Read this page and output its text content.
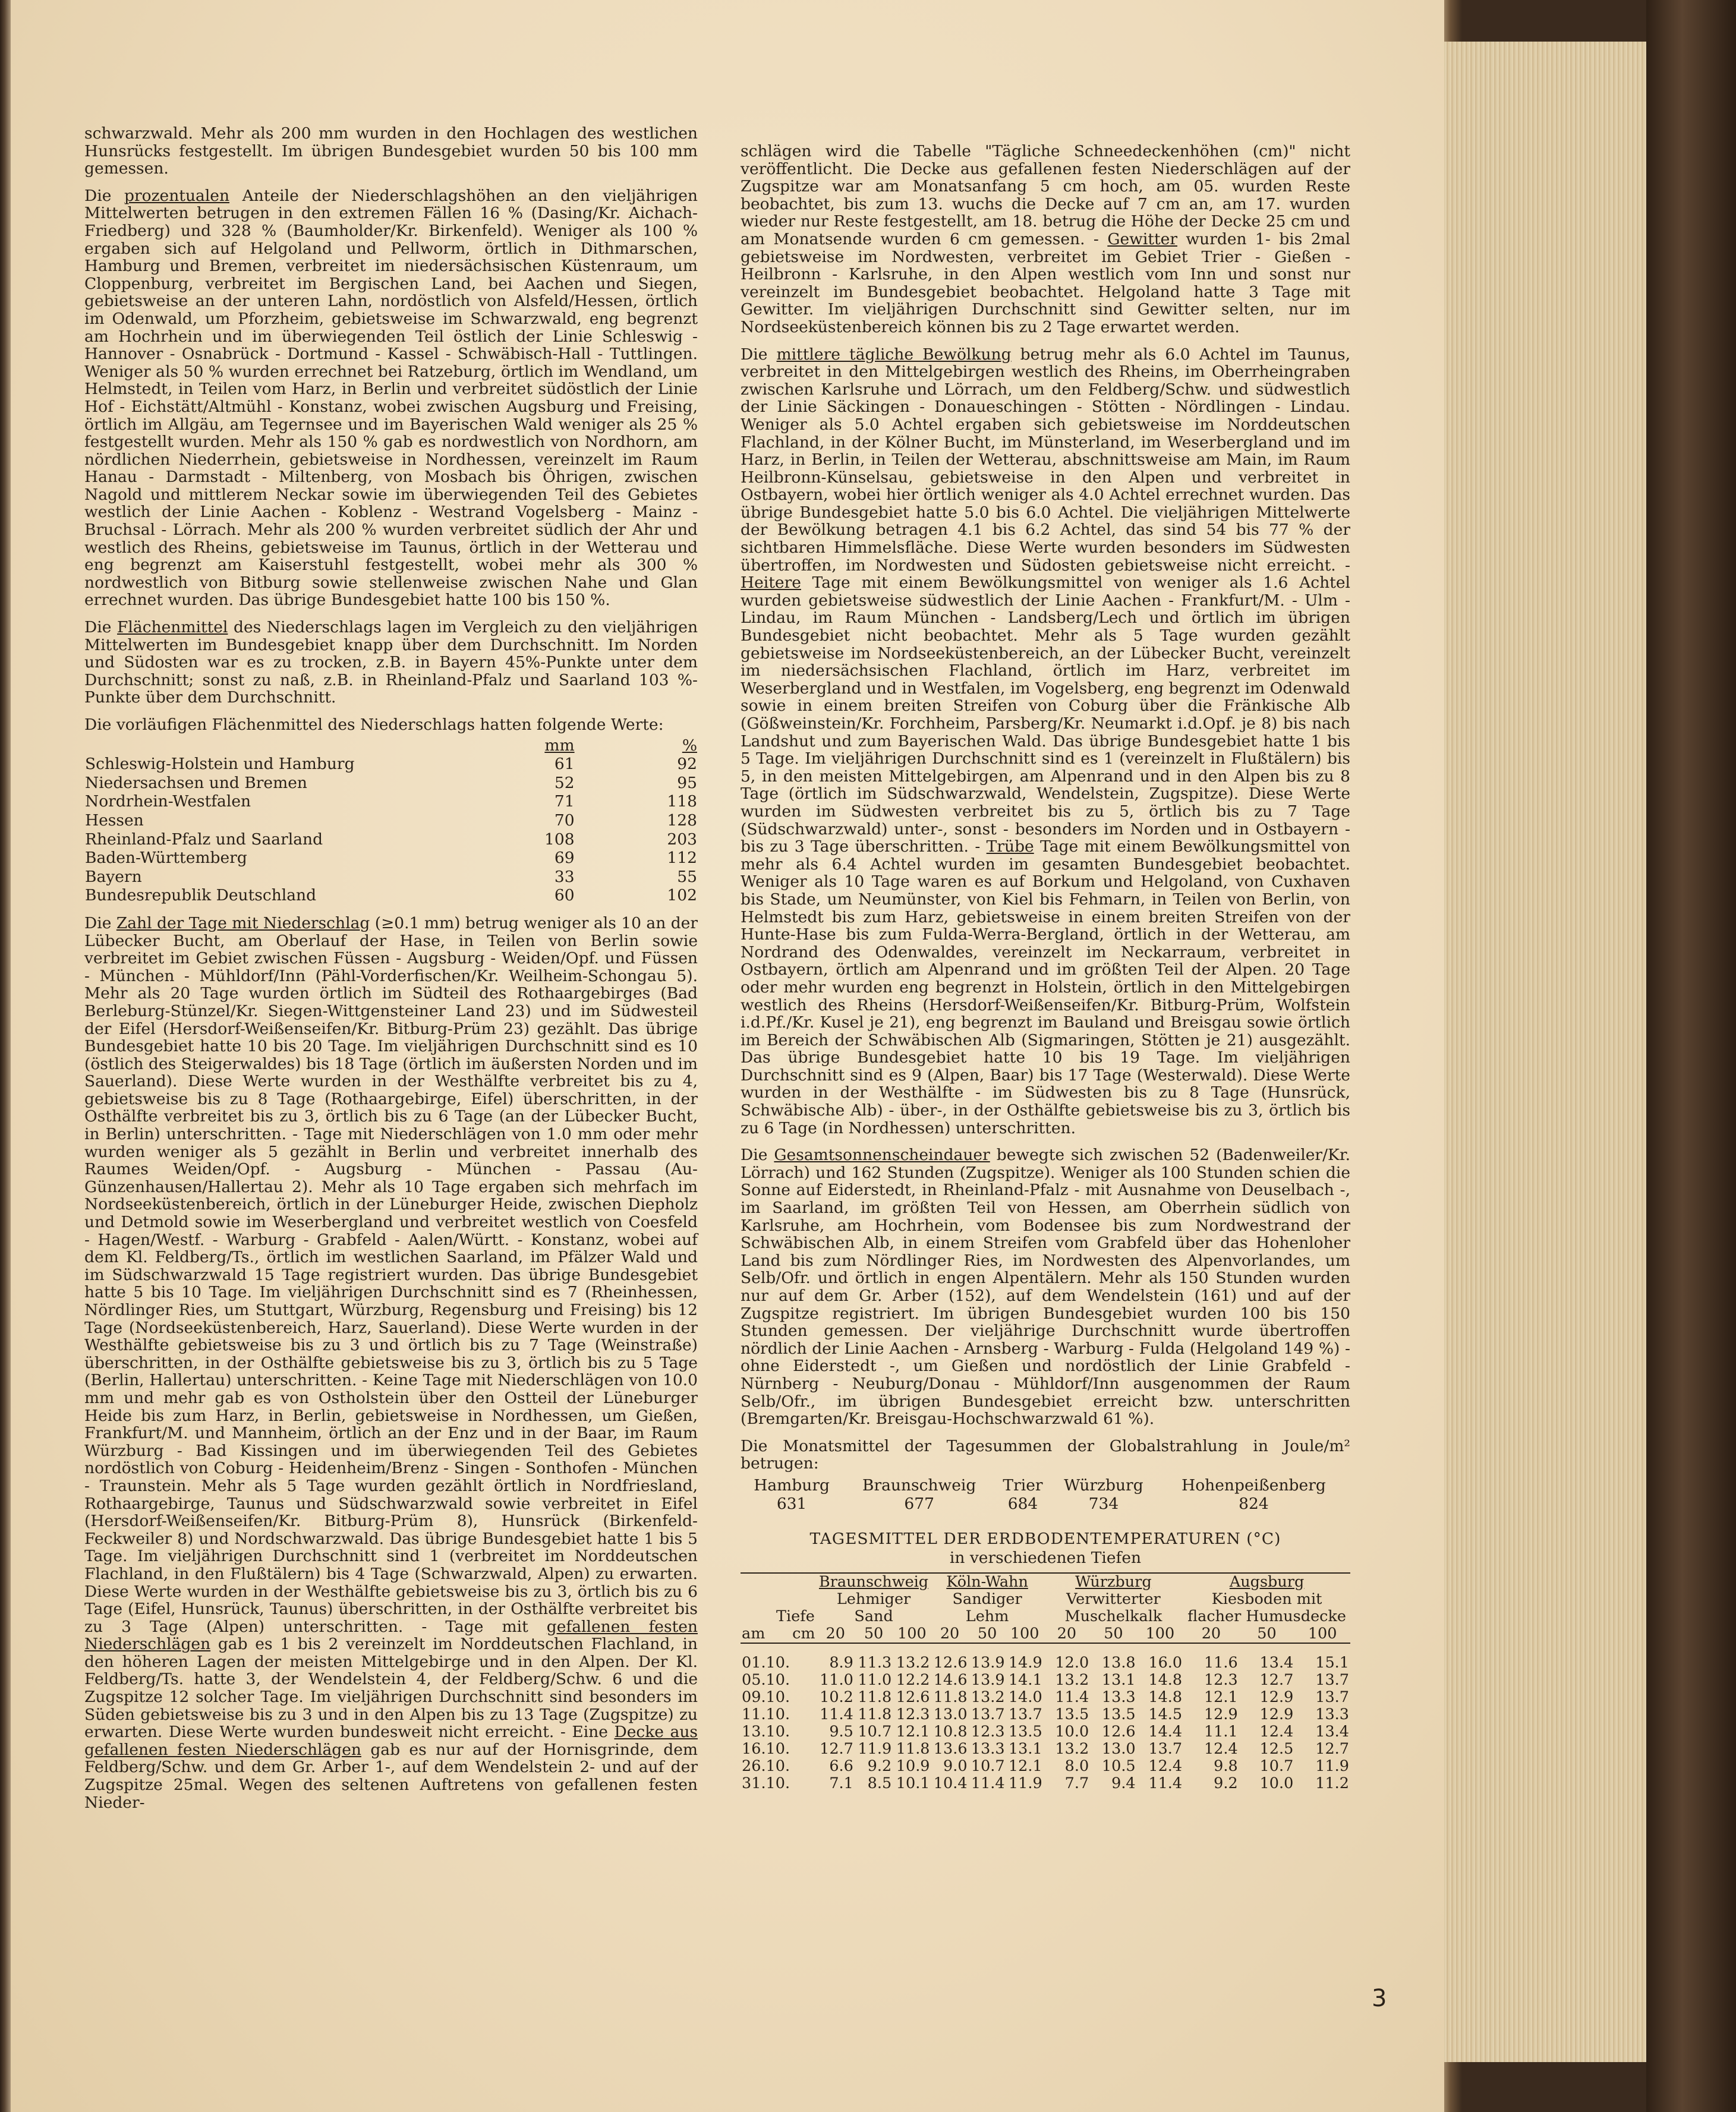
schwarzwald. Mehr als 200 mm wurden in den Hochlagen des westlichen Hunsrücks festgestellt. Im übrigen Bundesgebiet wurden 50 bis 100 mm gemessen.

Die prozentualen Anteile der Niederschlagshöhen an den vieljährigen Mittelwerten betrugen in den extremen Fällen 16 % (Dasing/Kr. Aichach-Friedberg) und 328 % (Baumholder/Kr. Birkenfeld). Weniger als 100 % ergaben sich auf Helgoland und Pellworm, örtlich in Dithmarschen, Hamburg und Bremen, verbreitet im niedersächsischen Küstenraum, um Cloppenburg, verbreitet im Bergischen Land, bei Aachen und Siegen, gebietsweise an der unteren Lahn, nordöstlich von Alsfeld/Hessen, örtlich im Odenwald, um Pforzheim, gebietsweise im Schwarzwald, eng begrenzt am Hochrhein und im überwiegenden Teil östlich der Linie Schleswig - Hannover - Osnabrück - Dortmund - Kassel - Schwäbisch-Hall - Tuttlingen. Weniger als 50 % wurden errechnet bei Ratzeburg, örtlich im Wendland, um Helmstedt, in Teilen vom Harz, in Berlin und verbreitet südöstlich der Linie Hof - Eichstätt/Altmühl - Konstanz, wobei zwischen Augsburg und Freising, örtlich im Allgäu, am Tegernsee und im Bayerischen Wald weniger als 25 % festgestellt wurden. Mehr als 150 % gab es nordwestlich von Nordhorn, am nördlichen Niederrhein, gebietsweise in Nordhessen, vereinzelt im Raum Hanau - Darmstadt - Miltenberg, von Mosbach bis Öhrigen, zwischen Nagold und mittlerem Neckar sowie im überwiegenden Teil des Gebietes westlich der Linie Aachen - Koblenz - Westrand Vogelsberg - Mainz - Bruchsal - Lörrach. Mehr als 200 % wurden verbreitet südlich der Ahr und westlich des Rheins, gebietsweise im Taunus, örtlich in der Wetterau und eng begrenzt am Kaiserstuhl festgestellt, wobei mehr als 300 % nordwestlich von Bitburg sowie stellenweise zwischen Nahe und Glan errechnet wurden. Das übrige Bundesgebiet hatte 100 bis 150 %.

Die Flächenmittel des Niederschlags lagen im Vergleich zu den vieljährigen Mittelwerten im Bundesgebiet knapp über dem Durchschnitt. Im Norden und Südosten war es zu trocken, z.B. in Bayern 45%-Punkte unter dem Durchschnitt; sonst zu naß, z.B. in Rheinland-Pfalz und Saarland 103 %-Punkte über dem Durchschnitt.

Die vorläufigen Flächenmittel des Niederschlags hatten folgende Werte:

	mm	%
Schleswig-Holstein und Hamburg	61	92
Niedersachsen und Bremen	52	95
Nordrhein-Westfalen	71	118
Hessen	70	128
Rheinland-Pfalz und Saarland	108	203
Baden-Württemberg	69	112
Bayern	33	55
Bundesrepublik Deutschland	60	102

Die Zahl der Tage mit Niederschlag (≥0.1 mm) betrug weniger als 10 an der Lübecker Bucht, am Oberlauf der Hase, in Teilen von Berlin sowie verbreitet im Gebiet zwischen Füssen - Augsburg - Weiden/Opf. und Füssen - München - Mühldorf/Inn (Pähl-Vorderfischen/Kr. Weilheim-Schongau 5). Mehr als 20 Tage wurden örtlich im Südteil des Rothaargebirges (Bad Berleburg-Stünzel/Kr. Siegen-Wittgensteiner Land 23) und im Südwesteil der Eifel (Hersdorf-Weißenseifen/Kr. Bitburg-Prüm 23) gezählt. Das übrige Bundesgebiet hatte 10 bis 20 Tage. Im vieljährigen Durchschnitt sind es 10 (östlich des Steigerwaldes) bis 18 Tage (örtlich im äußersten Norden und im Sauerland). Diese Werte wurden in der Westhälfte verbreitet bis zu 4, gebietsweise bis zu 8 Tage (Rothaargebirge, Eifel) überschritten, in der Osthälfte verbreitet bis zu 3, örtlich bis zu 6 Tage (an der Lübecker Bucht, in Berlin) unterschritten. - Tage mit Niederschlägen von 1.0 mm oder mehr wurden weniger als 5 gezählt in Berlin und verbreitet innerhalb des Raumes Weiden/Opf. - Augsburg - München - Passau (Au-Günzenhausen/Hallertau 2). Mehr als 10 Tage ergaben sich mehrfach im Nordseeküstenbereich, örtlich in der Lüneburger Heide, zwischen Diepholz und Detmold sowie im Weserbergland und verbreitet westlich von Coesfeld - Hagen/Westf. - Warburg - Grabfeld - Aalen/Württ. - Konstanz, wobei auf dem Kl. Feldberg/Ts., örtlich im westlichen Saarland, im Pfälzer Wald und im Südschwarzwald 15 Tage registriert wurden. Das übrige Bundesgebiet hatte 5 bis 10 Tage. Im vieljährigen Durchschnitt sind es 7 (Rheinhessen, Nördlinger Ries, um Stuttgart, Würzburg, Regensburg und Freising) bis 12 Tage (Nordseeküstenbereich, Harz, Sauerland). Diese Werte wurden in der Westhälfte gebietsweise bis zu 3 und örtlich bis zu 7 Tage (Weinstraße) überschritten, in der Osthälfte gebietsweise bis zu 3, örtlich bis zu 5 Tage (Berlin, Hallertau) unterschritten. - Keine Tage mit Niederschlägen von 10.0 mm und mehr gab es von Ostholstein über den Ostteil der Lüneburger Heide bis zum Harz, in Berlin, gebietsweise in Nordhessen, um Gießen, Frankfurt/M. und Mannheim, örtlich an der Enz und in der Baar, im Raum Würzburg - Bad Kissingen und im überwiegenden Teil des Gebietes nordöstlich von Coburg - Heidenheim/Brenz - Singen - Sonthofen - München - Traunstein. Mehr als 5 Tage wurden gezählt örtlich in Nordfriesland, Rothaargebirge, Taunus und Südschwarzwald sowie verbreitet in Eifel (Hersdorf-Weißenseifen/Kr. Bitburg-Prüm 8), Hunsrück (Birkenfeld-Feckweiler 8) und Nordschwarzwald. Das übrige Bundesgebiet hatte 1 bis 5 Tage. Im vieljährigen Durchschnitt sind 1 (verbreitet im Norddeutschen Flachland, in den Flußtälern) bis 4 Tage (Schwarzwald, Alpen) zu erwarten. Diese Werte wurden in der Westhälfte gebietsweise bis zu 3, örtlich bis zu 6 Tage (Eifel, Hunsrück, Taunus) überschritten, in der Osthälfte verbreitet bis zu 3 Tage (Alpen) unterschritten. - Tage mit gefallenen festen Niederschlägen gab es 1 bis 2 vereinzelt im Norddeutschen Flachland, in den höheren Lagen der meisten Mittelgebirge und in den Alpen. Der Kl. Feldberg/Ts. hatte 3, der Wendelstein 4, der Feldberg/Schw. 6 und die Zugspitze 12 solcher Tage. Im vieljährigen Durchschnitt sind besonders im Süden gebietsweise bis zu 3 und in den Alpen bis zu 13 Tage (Zugspitze) zu erwarten. Diese Werte wurden bundesweit nicht erreicht. - Eine Decke aus gefallenen festen Niederschlägen gab es nur auf der Hornisgrinde, dem Feldberg/Schw. und dem Gr. Arber 1-, auf dem Wendelstein 2- und auf der Zugspitze 25mal. Wegen des seltenen Auftretens von gefallenen festen Nieder-

schlägen wird die Tabelle "Tägliche Schneedeckenhöhen (cm)" nicht veröffentlicht. Die Decke aus gefallenen festen Niederschlägen auf der Zugspitze war am Monatsanfang 5 cm hoch, am 05. wurden Reste beobachtet, bis zum 13. wuchs die Decke auf 7 cm an, am 17. wurden wieder nur Reste festgestellt, am 18. betrug die Höhe der Decke 25 cm und am Monatsende wurden 6 cm gemessen. - Gewitter wurden 1- bis 2mal gebietsweise im Nordwesten, verbreitet im Gebiet Trier - Gießen - Heilbronn - Karlsruhe, in den Alpen westlich vom Inn und sonst nur vereinzelt im Bundesgebiet beobachtet. Helgoland hatte 3 Tage mit Gewitter. Im vieljährigen Durchschnitt sind Gewitter selten, nur im Nordseeküstenbereich können bis zu 2 Tage erwartet werden.

Die mittlere tägliche Bewölkung betrug mehr als 6.0 Achtel im Taunus, verbreitet in den Mittelgebirgen westlich des Rheins, im Oberrheingraben zwischen Karlsruhe und Lörrach, um den Feldberg/Schw. und südwestlich der Linie Säckingen - Donaueschingen - Stötten - Nördlingen - Lindau. Weniger als 5.0 Achtel ergaben sich gebietsweise im Norddeutschen Flachland, in der Kölner Bucht, im Münsterland, im Weserbergland und im Harz, in Berlin, in Teilen der Wetterau, abschnittsweise am Main, im Raum Heilbronn-Künselsau, gebietsweise in den Alpen und verbreitet in Ostbayern, wobei hier örtlich weniger als 4.0 Achtel errechnet wurden. Das übrige Bundesgebiet hatte 5.0 bis 6.0 Achtel. Die vieljährigen Mittelwerte der Bewölkung betragen 4.1 bis 6.2 Achtel, das sind 54 bis 77 % der sichtbaren Himmelsfläche. Diese Werte wurden besonders im Südwesten übertroffen, im Nordwesten und Südosten gebietsweise nicht erreicht. - Heitere Tage mit einem Bewölkungsmittel von weniger als 1.6 Achtel wurden gebietsweise südwestlich der Linie Aachen - Frankfurt/M. - Ulm - Lindau, im Raum München - Landsberg/Lech und örtlich im übrigen Bundesgebiet nicht beobachtet. Mehr als 5 Tage wurden gezählt gebietsweise im Nordseeküstenbereich, an der Lübecker Bucht, vereinzelt im niedersächsischen Flachland, örtlich im Harz, verbreitet im Weserbergland und in Westfalen, im Vogelsberg, eng begrenzt im Odenwald sowie in einem breiten Streifen von Coburg über die Fränkische Alb (Gößweinstein/Kr. Forchheim, Parsberg/Kr. Neumarkt i.d.Opf. je 8) bis nach Landshut und zum Bayerischen Wald. Das übrige Bundesgebiet hatte 1 bis 5 Tage. Im vieljährigen Durchschnitt sind es 1 (vereinzelt in Flußtälern) bis 5, in den meisten Mittelgebirgen, am Alpenrand und in den Alpen bis zu 8 Tage (örtlich im Südschwarzwald, Wendelstein, Zugspitze). Diese Werte wurden im Südwesten verbreitet bis zu 5, örtlich bis zu 7 Tage (Südschwarzwald) unter-, sonst - besonders im Norden und in Ostbayern - bis zu 3 Tage überschritten. - Trübe Tage mit einem Bewölkungsmittel von mehr als 6.4 Achtel wurden im gesamten Bundesgebiet beobachtet. Weniger als 10 Tage waren es auf Borkum und Helgoland, von Cuxhaven bis Stade, um Neumünster, von Kiel bis Fehmarn, in Teilen von Berlin, von Helmstedt bis zum Harz, gebietsweise in einem breiten Streifen von der Hunte-Hase bis zum Fulda-Werra-Bergland, örtlich in der Wetterau, am Nordrand des Odenwaldes, vereinzelt im Neckarraum, verbreitet in Ostbayern, örtlich am Alpenrand und im größten Teil der Alpen. 20 Tage oder mehr wurden eng begrenzt in Holstein, örtlich in den Mittelgebirgen westlich des Rheins (Hersdorf-Weißenseifen/Kr. Bitburg-Prüm, Wolfstein i.d.Pf./Kr. Kusel je 21), eng begrenzt im Bauland und Breisgau sowie örtlich im Bereich der Schwäbischen Alb (Sigmaringen, Stötten je 21) ausgezählt. Das übrige Bundesgebiet hatte 10 bis 19 Tage. Im vieljährigen Durchschnitt sind es 9 (Alpen, Baar) bis 17 Tage (Westerwald). Diese Werte wurden in der Westhälfte - im Südwesten bis zu 8 Tage (Hunsrück, Schwäbische Alb) - über-, in der Osthälfte gebietsweise bis zu 3, örtlich bis zu 6 Tage (in Nordhessen) unterschritten.

Die Gesamtsonnenscheindauer bewegte sich zwischen 52 (Badenweiler/Kr. Lörrach) und 162 Stunden (Zugspitze). Weniger als 100 Stunden schien die Sonne auf Eiderstedt, in Rheinland-Pfalz - mit Ausnahme von Deuselbach -, im Saarland, im größten Teil von Hessen, am Oberrhein südlich von Karlsruhe, am Hochrhein, vom Bodensee bis zum Nordwestrand der Schwäbischen Alb, in einem Streifen vom Grabfeld über das Hohenloher Land bis zum Nördlinger Ries, im Nordwesten des Alpenvorlandes, um Selb/Ofr. und örtlich in engen Alpentälern. Mehr als 150 Stunden wurden nur auf dem Gr. Arber (152), auf dem Wendelstein (161) und auf der Zugspitze registriert. Im übrigen Bundesgebiet wurden 100 bis 150 Stunden gemessen. Der vieljährige Durchschnitt wurde übertroffen nördlich der Linie Aachen - Arnsberg - Warburg - Fulda (Helgoland 149 %) - ohne Eiderstedt -, um Gießen und nordöstlich der Linie Grabfeld - Nürnberg - Neuburg/Donau - Mühldorf/Inn ausgenommen der Raum Selb/Ofr., im übrigen Bundesgebiet erreicht bzw. unterschritten (Bremgarten/Kr. Breisgau-Hochschwarzwald 61 %).

Die Monatsmittel der Tagesummen der Globalstrahlung in Joule/m² betrugen:

Hamburg	Braunschweig	Trier	Würzburg	Hohenpeißenberg
631	677	684	734	824
TAGESMITTEL DER ERDBODENTEMPERATUREN (°C)
in verschiedenen Tiefen
		Braunschweig			Köln-Wahn			Würzburg			Augsburg		
Tiefe		Lehmiger Sand			Sandiger Lehm			Verwitterter Muschelkalk			Kiesboden mit flacher Humusdecke		
am	cm	20	50	100	20	50	100	20	50	100	20	50	100
01.10.		8.9	11.3	13.2	12.6	13.9	14.9	12.0	13.8	16.0	11.6	13.4	15.1
05.10.		11.0	11.0	12.2	14.6	13.9	14.1	13.2	13.1	14.8	12.3	12.7	13.7
09.10.		10.2	11.8	12.6	11.8	13.2	14.0	11.4	13.3	14.8	12.1	12.9	13.7
11.10.		11.4	11.8	12.3	13.0	13.7	13.7	13.5	13.5	14.5	12.9	12.9	13.3
13.10.		9.5	10.7	12.1	10.8	12.3	13.5	10.0	12.6	14.4	11.1	12.4	13.4
16.10.		12.7	11.9	11.8	13.6	13.3	13.1	13.2	13.0	13.7	12.4	12.5	12.7
26.10.		6.6	9.2	10.9	9.0	10.7	12.1	8.0	10.5	12.4	9.8	10.7	11.9
31.10.		7.1	8.5	10.1	10.4	11.4	11.9	7.7	9.4	11.4	9.2	10.0	11.2
3
